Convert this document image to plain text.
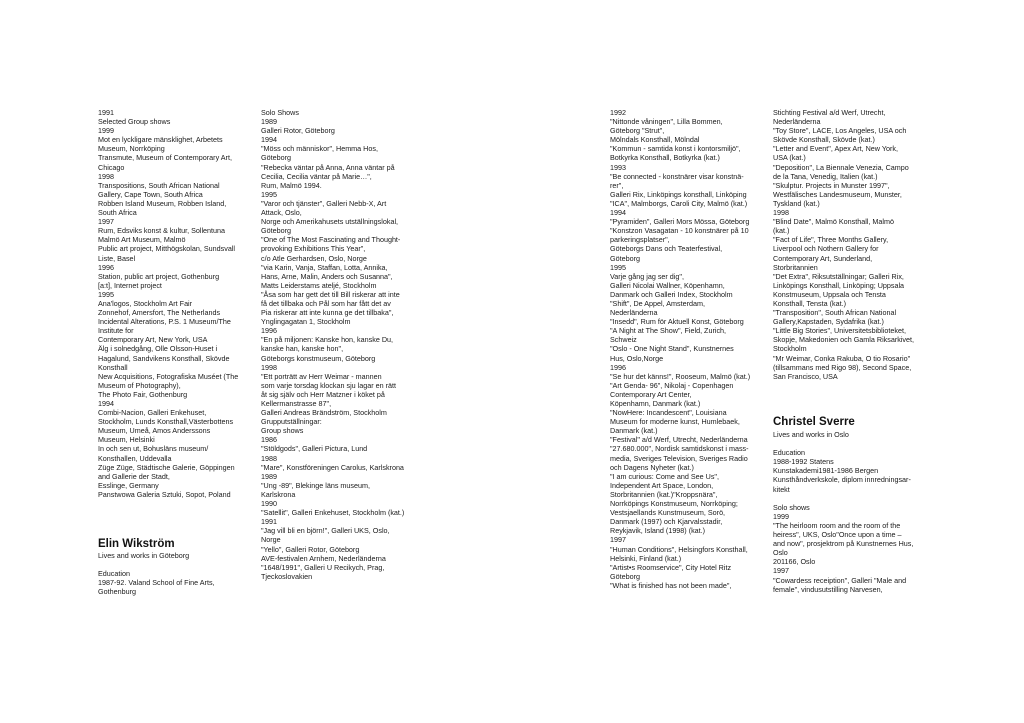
1991
Selected Group shows
1999
Mot en lyckligare mänsklighet, Arbetets
Museum, Norrköping
Transmute, Museum of Contemporary Art,
Chicago
1998
Transpositions, South African National
Gallery, Cape Town, South Africa
Robben Island Museum, Robben Island,
South Africa
1997
Rum, Edsviks konst & kultur, Sollentuna
Malmö Art Museum, Malmö
Public art project, Mitthögskolan, Sundsvall
Liste, Basel
1996
Station, public art project, Gothenburg
[a:t], Internet project
1995
Ana'logos, Stockholm Art Fair
Zonnehof, Amersfort, The Netherlands
Incidental Alterations, P.S. 1 Museum/The
Institute for
Contemporary Art, New York, USA
Älg i solnedgång, Olle Olsson-Huset i
Hagalund, Sandvikens Konsthall, Skövde
Konsthall
New Acquisitions, Fotografiska Muséet (The
Museum of Photography),
The Photo Fair, Gothenburg
1994
Combi-Nacion, Galleri Enkehuset,
Stockholm, Lunds Konsthall,Västerbottens
Museum, Umeå, Amos Anderssons
Museum, Helsinki
In och sen ut, Bohusläns museum/
Konsthallen, Uddevalla
Züge Züge, Städtische Galerie, Göppingen
and Gallerie der Stadt,
Esslinge, Germany
Panstwowa Galeria Sztuki, Sopot, Poland
Elin Wikström
Lives and works in Göteborg

Education
1987-92. Valand School of Fine Arts,
Gothenburg
Solo Shows
1989
Galleri Rotor, Göteborg
1994
"Möss och människor", Hemma Hos,
Göteborg
"Rebecka väntar på Anna, Anna väntar på
Cecilia, Cecilia väntar på Marie…",
Rum, Malmö 1994.
1995
"Varor och tjänster", Galleri Nebb-X, Art
Attack, Oslo,
Norge och Amerikahusets utställningslokal,
Göteborg
"One of The Most Fascinating and Thought-
provoking Exhibitions This Year",
c/o Atle Gerhardsen, Oslo, Norge
"via Karin, Vanja, Staffan, Lotta, Annika,
Hans, Arne, Malin, Anders och Susanna",
Matts Leiderstams ateljé, Stockholm
"Åsa som har gett det till Bill riskerar att inte
få det tillbaka och Pål som har fått det av
Pia riskerar att inte kunna ge det tillbaka",
Ynglingagatan 1, Stockholm
1996
"En på miljonen: Kanske hon, kanske Du,
kanske han, kanske hon",
Göteborgs konstmuseum, Göteborg
1998
"Ett porträtt av Herr Weimar - mannen
som varje torsdag klockan sju lagar en rätt
åt sig själv och Herr Matzner i köket på
Kellermanstrasse 87",
Galleri Andreas Brändström, Stockholm
Grupputställningar:
Group shows
1986
"Stöldgods", Galleri Pictura, Lund
1988
"Mare", Konstföreningen Carolus, Karlskrona
1989
"Ung -89", Blekinge läns museum,
Karlskrona
1990
"Satellit", Galleri Enkehuset, Stockholm (kat.)
1991
"Jag vill bli en björn!", Galleri UKS, Oslo,
Norge
"Yello", Galleri Rotor, Göteborg
AVE-festivalen Arnhem, Nederländerna
"1648/1991", Galleri U Recikych, Prag,
Tjeckoslovakien
1992
"Nittonde våningen", Lilla Bommen,
Göteborg "Strut",
Mölndals Konsthall, Mölndal
"Kommun - samtida konst i kontorsmiljö",
Botkyrka Konsthall, Botkyrka (kat.)
1993
"Be connected - konstnärer visar konstnä-
rer",
Galleri Rix, Linköpings konsthall, Linköping
"ICA", Malmborgs, Caroli City, Malmö (kat.)
1994
"Pyramiden", Galleri Mors Mössa, Göteborg
"Konstzon Vasagatan - 10 konstnärer på 10
parkeringsplatser",
Göteborgs Dans och Teaterfestival,
Göteborg
1995
Varje gång jag ser dig",
Galleri Nicolai Wallner, Köpenhamn,
Danmark och Galleri Index, Stockholm
"Shift", De Appel, Amsterdam,
Nederländerna
"Insedd", Rum för Aktuell Konst, Göteborg
"A Night at The Show", Field, Zurich,
Schweiz
"Oslo - One Night Stand", Kunstnernes
Hus, Oslo,Norge
1996
"Se hur det känns!", Rooseum, Malmö (kat.)
"Art Genda- 96", Nikolaj - Copenhagen
Contemporary Art Center,
Köpenhamn, Danmark (kat.)
"NowHere: Incandescent", Louisiana
Museum for moderne kunst, Humlebaek,
Danmark (kat.)
"Festival" a/d Werf, Utrecht, Nederländerna
"27.680.000", Nordisk samtidskonst i mass-
media, Sveriges Television, Sveriges Radio
och Dagens Nyheter (kat.)
"I am curious: Come and See Us",
Independent Art Space, London,
Storbritannien (kat.)"Kroppsnära",
Norrköpings Konstmuseum, Norrköping;
Vestsjaellands Kunstmuseum, Sorö,
Danmark (1997) och Kjarvalsstadir,
Reykjavik, Island (1998) (kat.)
1997
"Human Conditions", Helsingfors Konsthall,
Helsinki, Finland (kat.)
"Artist•s Roomservice", City Hotel Ritz
Göteborg
"What is finished has not been made",
Stichting Festival a/d Werf, Utrecht,
Nederländerna
"Toy Store", LACE, Los Angeles, USA och
Skövde Konsthall, Skövde (kat.)
"Letter and Event", Apex Art, New York,
USA (kat.)
"Deposition", La Biennale Venezia, Campo
de la Tana, Venedig, Italien (kat.)
"Skulptur. Projects in Munster 1997",
Westfälisches Landesmuseum, Munster,
Tyskland (kat.)
1998
"Blind Date", Malmö Konsthall, Malmö
(kat.)
"Fact of Life", Three Months Gallery,
Liverpool och Nothern Gallery for
Contemporary Art, Sunderland,
Storbritannien
"Det Extra", Riksutställningar; Galleri Rix,
Linköpings Konsthall, Linköping; Uppsala
Konstmuseum, Uppsala och Tensta
Konsthall, Tensta (kat.)
"Transposition", South African National
Gallery,Kapstaden, Sydafrika (kat.)
"Little Big Stories", Universitetsbiblioteket,
Skopje, Makedonien och Gamla Riksarkivet,
Stockholm
"Mr Weimar, Conka Rakuba, O tio Rosario"
(tillsammans med Rigo 98), Second Space,
San Francisco, USA
Christel Sverre
Lives and works in Oslo

Education
1988-1992 Statens
Kunstakademi1981-1986 Bergen
Kunsthåndverkskole, diplom innredningsar-
kitekt

Solo shows
1999
"The heirloom room and the room of the
heiress", UKS, Oslo"Once upon a time –
and now", prosjektrom på Kunstnernes Hus,
Oslo
201166, Oslo
1997
"Cowardess receiption", Galleri "Male and
female", vindusutstilling Narvesen,
